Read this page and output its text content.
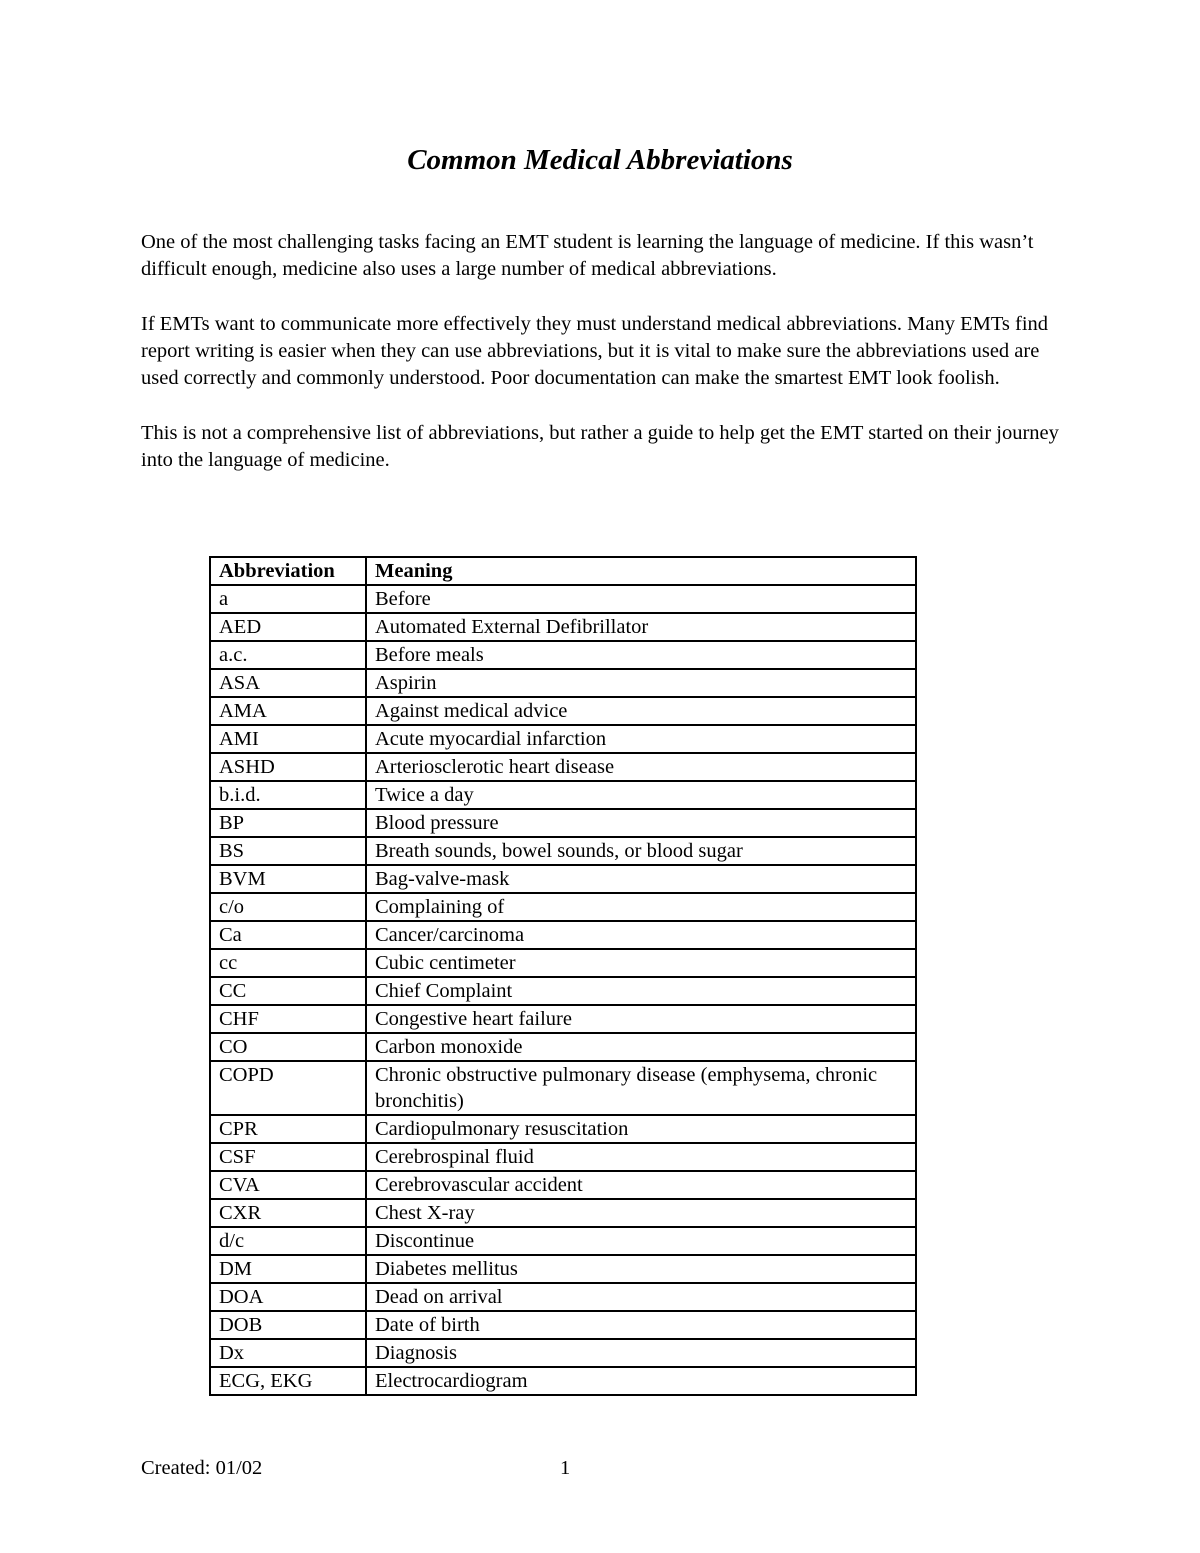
Common Medical Abbreviations

One of the most challenging tasks facing an EMT student is learning the language of medicine. If this wasn’t difficult enough, medicine also uses a large number of medical abbreviations.

If EMTs want to communicate more effectively they must understand medical abbreviations. Many EMTs find report writing is easier when they can use abbreviations, but it is vital to make sure the abbreviations used are used correctly and commonly understood. Poor documentation can make the smartest EMT look foolish.

This is not a comprehensive list of abbreviations, but rather a guide to help get the EMT started on their journey into the language of medicine.

Abbreviation	Meaning
a	Before
AED	Automated External Defibrillator
a.c.	Before meals
ASA	Aspirin
AMA	Against medical advice
AMI	Acute myocardial infarction
ASHD	Arteriosclerotic heart disease
b.i.d.	Twice a day
BP	Blood pressure
BS	Breath sounds, bowel sounds, or blood sugar
BVM	Bag-valve-mask
c/o	Complaining of
Ca	Cancer/carcinoma
cc	Cubic centimeter
CC	Chief Complaint
CHF	Congestive heart failure
CO	Carbon monoxide
COPD	Chronic obstructive pulmonary disease (emphysema, chronic bronchitis)
CPR	Cardiopulmonary resuscitation
CSF	Cerebrospinal fluid
CVA	Cerebrovascular accident
CXR	Chest X-ray
d/c	Discontinue
DM	Diabetes mellitus
DOA	Dead on arrival
DOB	Date of birth
Dx	Diagnosis
ECG, EKG	Electrocardiogram
Created: 01/02	1
